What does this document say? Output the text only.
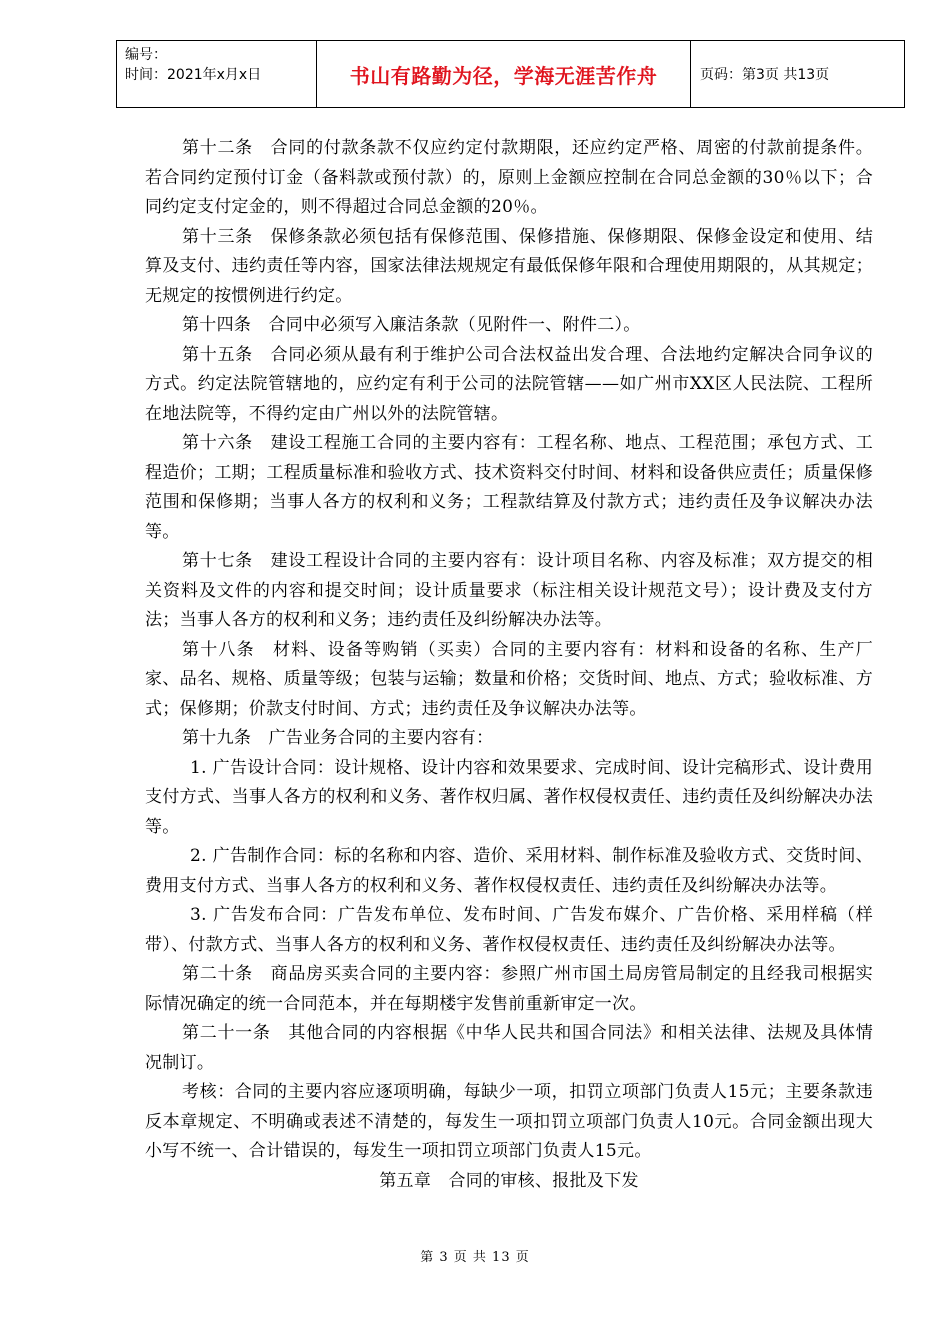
编号：
时间：2021年x月x日	书山有路勤为径，学海无涯苦作舟	页码：第3页 共13页

第十二条　合同的付款条款不仅应约定付款期限，还应约定严格、周密的付款前提条件。若合同约定预付订金（备料款或预付款）的，原则上金额应控制在合同总金额的30％以下；合同约定支付定金的，则不得超过合同总金额的20％。

第十三条　保修条款必须包括有保修范围、保修措施、保修期限、保修金设定和使用、结算及支付、违约责任等内容，国家法律法规规定有最低保修年限和合理使用期限的，从其规定；无规定的按惯例进行约定。

第十四条　合同中必须写入廉洁条款（见附件一、附件二）。

第十五条　合同必须从最有利于维护公司合法权益出发合理、合法地约定解决合同争议的方式。约定法院管辖地的，应约定有利于公司的法院管辖——如广州市XX区人民法院、工程所在地法院等，不得约定由广州以外的法院管辖。

第十六条　建设工程施工合同的主要内容有：工程名称、地点、工程范围；承包方式、工程造价；工期；工程质量标准和验收方式、技术资料交付时间、材料和设备供应责任；质量保修范围和保修期；当事人各方的权利和义务；工程款结算及付款方式；违约责任及争议解决办法等。

第十七条　建设工程设计合同的主要内容有：设计项目名称、内容及标准；双方提交的相关资料及文件的内容和提交时间；设计质量要求（标注相关设计规范文号）；设计费及支付方法；当事人各方的权利和义务；违约责任及纠纷解决办法等。

第十八条　材料、设备等购销（买卖）合同的主要内容有：材料和设备的名称、生产厂家、品名、规格、质量等级；包装与运输；数量和价格；交货时间、地点、方式；验收标准、方式；保修期；价款支付时间、方式；违约责任及争议解决办法等。

第十九条　广告业务合同的主要内容有：

1. 广告设计合同：设计规格、设计内容和效果要求、完成时间、设计完稿形式、设计费用支付方式、当事人各方的权利和义务、著作权归属、著作权侵权责任、违约责任及纠纷解决办法等。

2. 广告制作合同：标的名称和内容、造价、采用材料、制作标准及验收方式、交货时间、费用支付方式、当事人各方的权利和义务、著作权侵权责任、违约责任及纠纷解决办法等。

3. 广告发布合同：广告发布单位、发布时间、广告发布媒介、广告价格、采用样稿（样带）、付款方式、当事人各方的权利和义务、著作权侵权责任、违约责任及纠纷解决办法等。

第二十条　商品房买卖合同的主要内容：参照广州市国土局房管局制定的且经我司根据实际情况确定的统一合同范本，并在每期楼宇发售前重新审定一次。

第二十一条　其他合同的内容根据《中华人民共和国合同法》和相关法律、法规及具体情况制订。

考核：合同的主要内容应逐项明确，每缺少一项，扣罚立项部门负责人15元；主要条款违反本章规定、不明确或表述不清楚的，每发生一项扣罚立项部门负责人10元。合同金额出现大小写不统一、合计错误的，每发生一项扣罚立项部门负责人15元。

第五章　合同的审核、报批及下发

第 3 页 共 13 页
